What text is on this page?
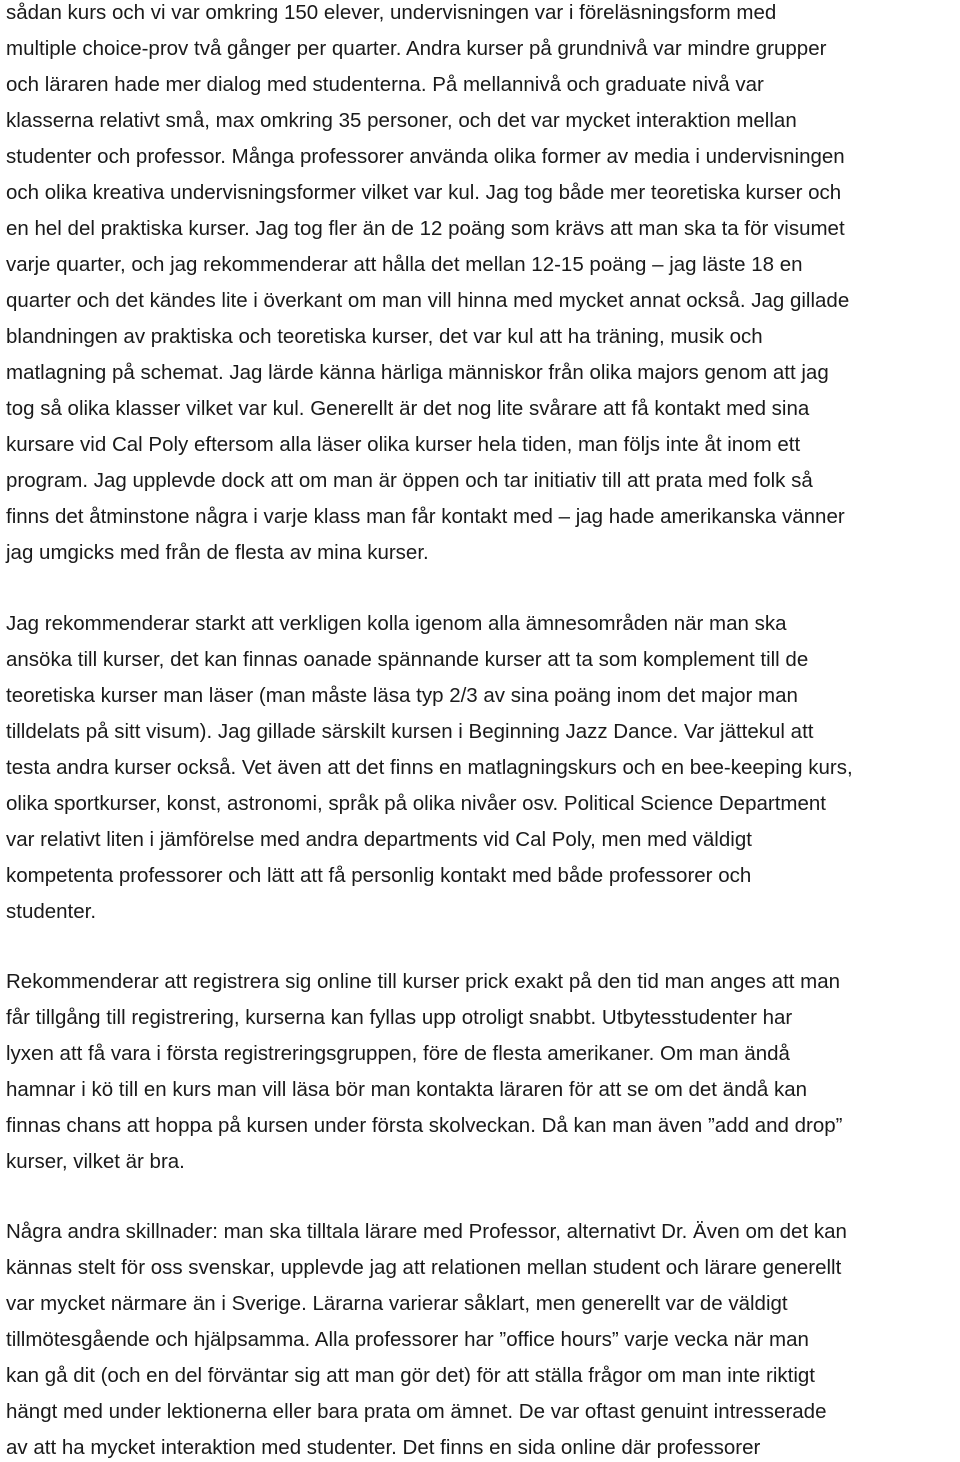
sådan kurs och vi var omkring 150 elever, undervisningen var i föreläsningsform med
multiple choice-prov två gånger per quarter. Andra kurser på grundnivå var mindre grupper
och läraren hade mer dialog med studenterna. På mellannivå och graduate nivå var
klasserna relativt små, max omkring 35 personer, och det var mycket interaktion mellan
studenter och professor. Många professorer använda olika former av media i undervisningen
och olika kreativa undervisningsformer vilket var kul. Jag tog både mer teoretiska kurser och
en hel del praktiska kurser. Jag tog fler än de 12 poäng som krävs att man ska ta för visumet
varje quarter, och jag rekommenderar att hålla det mellan 12-15 poäng – jag läste 18 en
quarter och det kändes lite i överkant om man vill hinna med mycket annat också. Jag gillade
blandningen av praktiska och teoretiska kurser, det var kul att ha träning, musik och
matlagning på schemat. Jag lärde känna härliga människor från olika majors genom att jag
tog så olika klasser vilket var kul. Generellt är det nog lite svårare att få kontakt med sina
kursare vid Cal Poly eftersom alla läser olika kurser hela tiden, man följs inte åt inom ett
program. Jag upplevde dock att om man är öppen och tar initiativ till att prata med folk så
finns det åtminstone några i varje klass man får kontakt med – jag hade amerikanska vänner
jag umgicks med från de flesta av mina kurser.
Jag rekommenderar starkt att verkligen kolla igenom alla ämnesområden när man ska
ansöka till kurser, det kan finnas oanade spännande kurser att ta som komplement till de
teoretiska kurser man läser (man måste läsa typ 2/3 av sina poäng inom det major man
tilldelats på sitt visum). Jag gillade särskilt kursen i Beginning Jazz Dance. Var jättekul att
testa andra kurser också. Vet även att det finns en matlagningskurs och en bee-keeping kurs,
olika sportkurser, konst, astronomi, språk på olika nivåer osv. Political Science Department
var relativt liten i jämförelse med andra departments vid Cal Poly, men med väldigt
kompetenta professorer och lätt att få personlig kontakt med både professorer och
studenter.
Rekommenderar att registrera sig online till kurser prick exakt på den tid man anges att man
får tillgång till registrering, kurserna kan fyllas upp otroligt snabbt. Utbytesstudenter har
lyxen att få vara i första registreringsgruppen, före de flesta amerikaner. Om man ändå
hamnar i kö till en kurs man vill läsa bör man kontakta läraren för att se om det ändå kan
finnas chans att hoppa på kursen under första skolveckan. Då kan man även ”add and drop”
kurser, vilket är bra.
Några andra skillnader: man ska tilltala lärare med Professor, alternativt Dr. Även om det kan
kännas stelt för oss svenskar, upplevde jag att relationen mellan student och lärare generellt
var mycket närmare än i Sverige. Lärarna varierar såklart, men generellt var de väldigt
tillmötesgående och hjälpsamma. Alla professorer har ”office hours” varje vecka när man
kan gå dit (och en del förväntar sig att man gör det) för att ställa frågor om man inte riktigt
hängt med under lektionerna eller bara prata om ämnet. De var oftast genuint intresserade
av att ha mycket interaktion med studenter. Det finns en sida online där professorer
